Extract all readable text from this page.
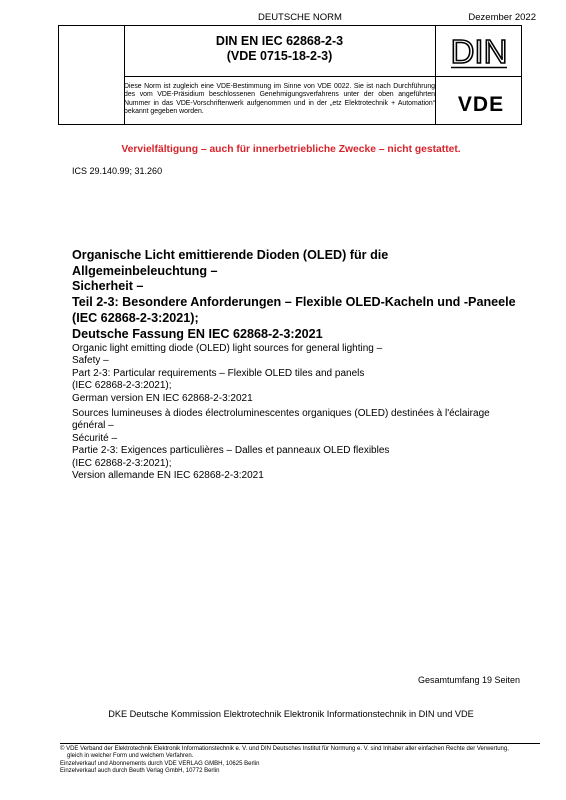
DEUTSCHE NORM	Dezember 2022
DIN EN IEC 62868-2-3
(VDE 0715-18-2-3)	DIN
Diese Norm ist zugleich eine VDE-Bestimmung im Sinne von VDE 0022. Sie ist nach Durchführung des vom VDE-Präsidium beschlossenen Genehmigungsverfahrens unter der oben angeführten Nummer in das VDE-Vorschriftenwerk aufgenommen und in der „etz Elektrotechnik + Automation“ bekannt gegeben worden.	VDE
Vervielfältigung – auch für innerbetriebliche Zwecke – nicht gestattet.
ICS 29.140.99; 31.260
Organische Licht emittierende Dioden (OLED) für die
Allgemeinbeleuchtung –
Sicherheit –
Teil 2-3: Besondere Anforderungen – Flexible OLED-Kacheln und -Paneele
(IEC 62868-2-3:2021);
Deutsche Fassung EN IEC 62868-2-3:2021
Organic light emitting diode (OLED) light sources for general lighting –
Safety –
Part 2-3: Particular requirements – Flexible OLED tiles and panels
(IEC 62868-2-3:2021);
German version EN IEC 62868-2-3:2021
Sources lumineuses à diodes électroluminescentes organiques (OLED) destinées à l'éclairage général –
Sécurité –
Partie 2-3: Exigences particulières – Dalles et panneaux OLED flexibles
(IEC 62868-2-3:2021);
Version allemande EN IEC 62868-2-3:2021
Gesamtumfang 19 Seiten
DKE Deutsche Kommission Elektrotechnik Elektronik Informationstechnik in DIN und VDE
© VDE Verband der Elektrotechnik Elektronik Informationstechnik e. V. und DIN Deutsches Institut für Normung e. V. sind Inhaber aller einfachen Rechte der Verwertung,
gleich in welcher Form und welchem Verfahren.
Einzelverkauf und Abonnements durch VDE VERLAG GMBH, 10625 Berlin
Einzelverkauf auch durch Beuth Verlag GmbH, 10772 Berlin
